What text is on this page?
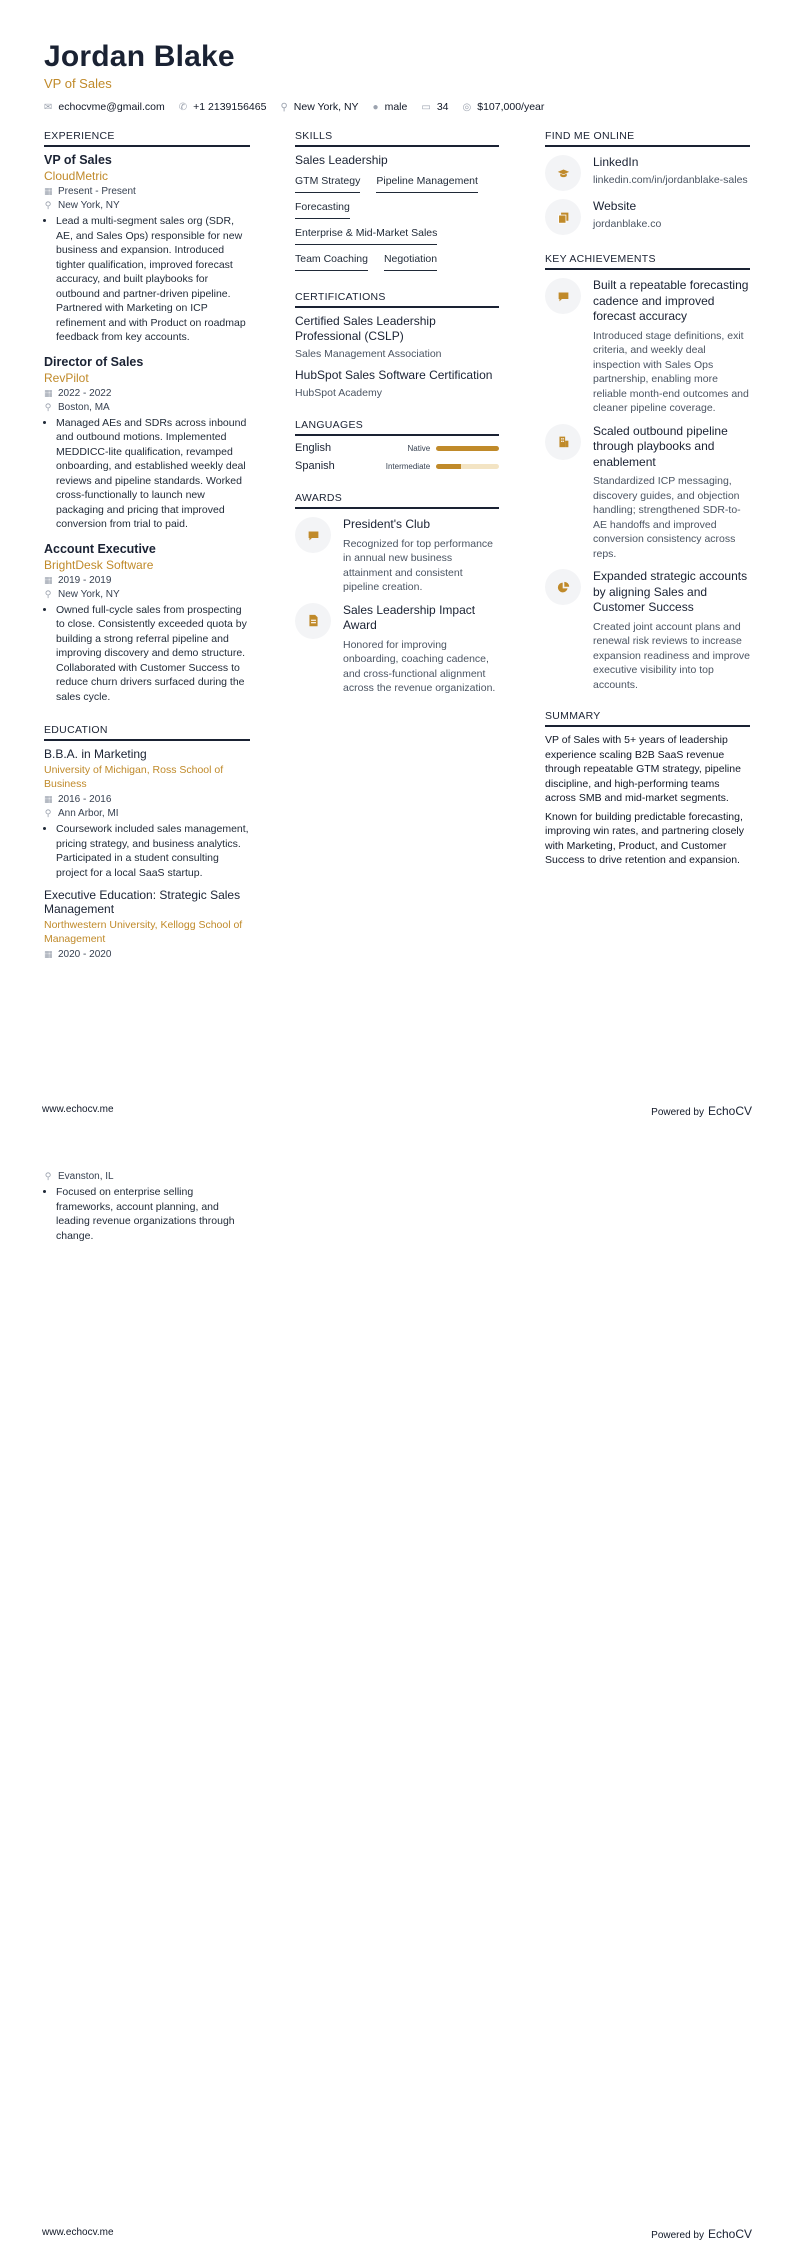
Jordan Blake
VP of Sales
✉ echocvme@gmail.com ✆ +1 2139156465 ⚲ New York, NY ● male ▭ 34 ◎ $107,000/year
EXPERIENCE
VP of Sales
CloudMetric
▦ Present - Present
⚲ New York, NY
• Lead a multi-segment sales org (SDR, AE, and Sales Ops) responsible for new business and expansion. Introduced tighter qualification, improved forecast accuracy, and built playbooks for outbound and partner-driven pipeline. Partnered with Marketing on ICP refinement and with Product on roadmap feedback from key accounts.
Director of Sales
RevPilot
▦ 2022 - 2022
⚲ Boston, MA
• Managed AEs and SDRs across inbound and outbound motions. Implemented MEDDICC-lite qualification, revamped onboarding, and established weekly deal reviews and pipeline standards. Worked cross-functionally to launch new packaging and pricing that improved conversion from trial to paid.
Account Executive
BrightDesk Software
▦ 2019 - 2019
⚲ New York, NY
• Owned full-cycle sales from prospecting to close. Consistently exceeded quota by building a strong referral pipeline and improving discovery and demo structure. Collaborated with Customer Success to reduce churn drivers surfaced during the sales cycle.
EDUCATION
B.B.A. in Marketing
University of Michigan, Ross School of Business
▦ 2016 - 2016
⚲ Ann Arbor, MI
• Coursework included sales management, pricing strategy, and business analytics. Participated in a student consulting project for a local SaaS startup.
Executive Education: Strategic Sales Management
Northwestern University, Kellogg School of Management
▦ 2020 - 2020
SKILLS
Sales Leadership
GTM Strategy Pipeline Management
Forecasting
Enterprise & Mid-Market Sales
Team Coaching Negotiation
CERTIFICATIONS
Certified Sales Leadership Professional (CSLP)
Sales Management Association
HubSpot Sales Software Certification
HubSpot Academy
LANGUAGES
English	Native
Spanish	Intermediate
AWARDS
President's Club
Recognized for top performance in annual new business attainment and consistent pipeline creation.
Sales Leadership Impact Award
Honored for improving onboarding, coaching cadence, and cross-functional alignment across the revenue organization.
FIND ME ONLINE
LinkedIn
linkedin.com/in/jordanblake-sales
Website
jordanblake.co
KEY ACHIEVEMENTS
Built a repeatable forecasting cadence and improved forecast accuracy
Introduced stage definitions, exit criteria, and weekly deal inspection with Sales Ops partnership, enabling more reliable month-end outcomes and cleaner pipeline coverage.
Scaled outbound pipeline through playbooks and enablement
Standardized ICP messaging, discovery guides, and objection handling; strengthened SDR-to-AE handoffs and improved conversion consistency across reps.
Expanded strategic accounts by aligning Sales and Customer Success
Created joint account plans and renewal risk reviews to increase expansion readiness and improve executive visibility into top accounts.
SUMMARY

VP of Sales with 5+ years of leadership experience scaling B2B SaaS revenue through repeatable GTM strategy, pipeline discipline, and high-performing teams across SMB and mid-market segments.

Known for building predictable forecasting, improving win rates, and partnering closely with Marketing, Product, and Customer Success to drive retention and expansion.

www.echocv.me	Powered by EchoCV
⚲ Evanston, IL
• Focused on enterprise selling frameworks, account planning, and leading revenue organizations through change.
www.echocv.me	Powered by EchoCV
